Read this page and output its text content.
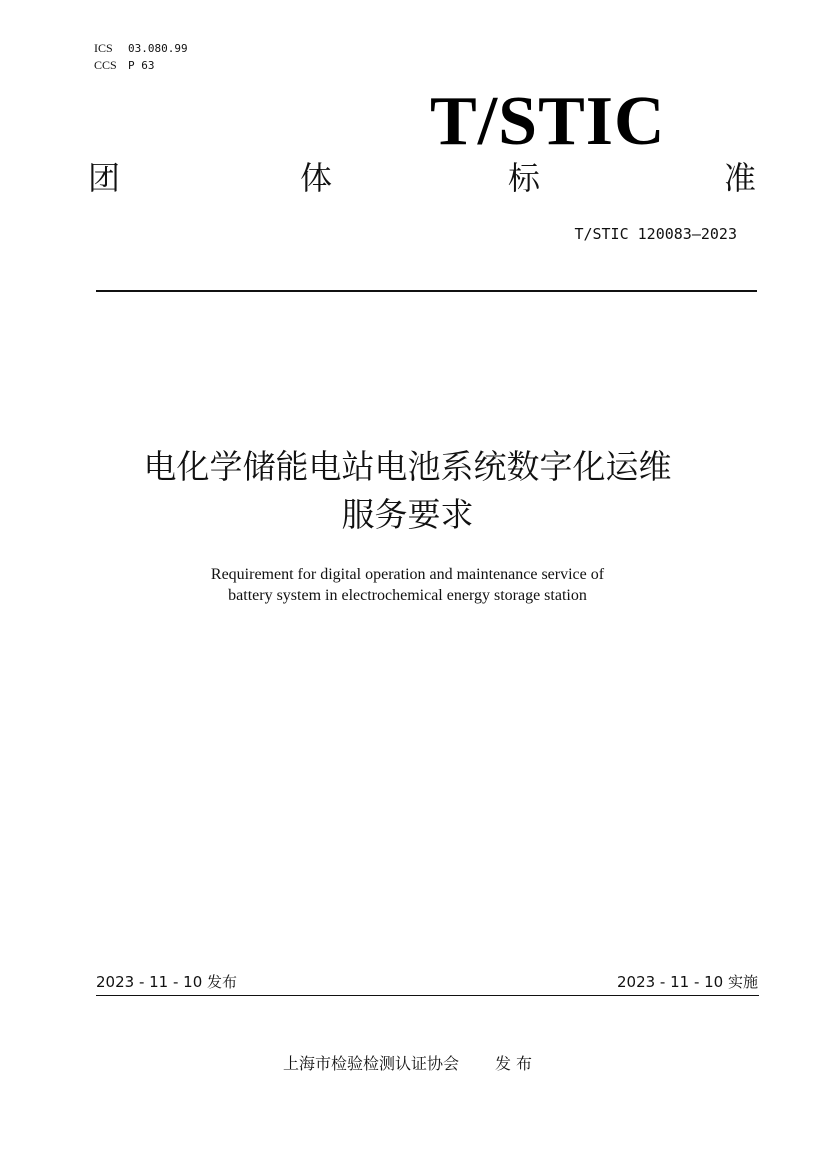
ICS 03.080.99
CCS P 63
T/STIC
团	体	标	准
T/STIC 120083—2023
电化学储能电站电池系统数字化运维
服务要求
Requirement for digital operation and maintenance service of
battery system in electrochemical energy storage station
2023 - 11 - 10 发布	2023 - 11 - 10 实施
上海市检验检测认证协会 发 布
